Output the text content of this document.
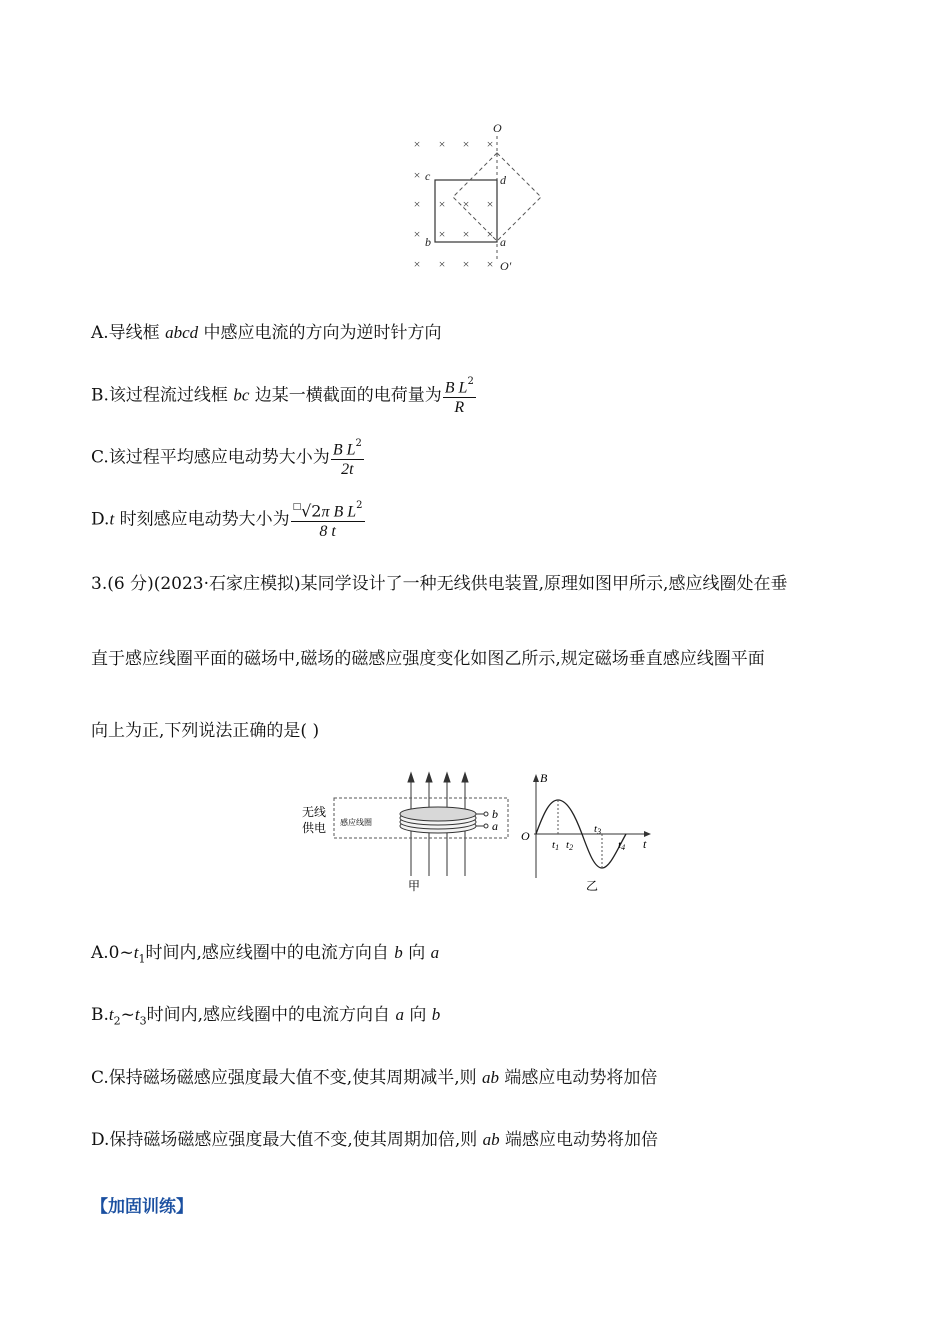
× × × ×
×
× × × ×
× × × ×
× × × ×
O
c	d
b	a
O′
A.导线框 abcd 中感应电流的方向为逆时针方向
B.该过程流过线框 bc 边某一横截面的电荷量为 $\frac{B L^2}{R}$
C.该过程平均感应电动势大小为 $\frac{B L^2}{2t}$
D.t 时刻感应电动势大小为 $\frac{^□√2\pi B L^2}{8 t}$
3.(6 分)(2023·石家庄模拟)某同学设计了一种无线供电装置,原理如图甲所示,感应线圈处在垂
直于感应线圈平面的磁场中,磁场的磁感应强度变化如图乙所示,规定磁场垂直感应线圈平面
向上为正,下列说法正确的是( )
b
a
无线
供电 感应线圈
甲
B
O
t
t1 t2
t3
t4
乙
$A.0\sim t_1$时间内,感应线圈中的电流方向自 b 向 a
$B.t_2\sim t_3$时间内,感应线圈中的电流方向自 a 向 b
C.保持磁场磁感应强度最大值不变,使其周期减半,则 ab 端感应电动势将加倍
D.保持磁场磁感应强度最大值不变,使其周期加倍,则 ab 端感应电动势将加倍
【加固训练】
